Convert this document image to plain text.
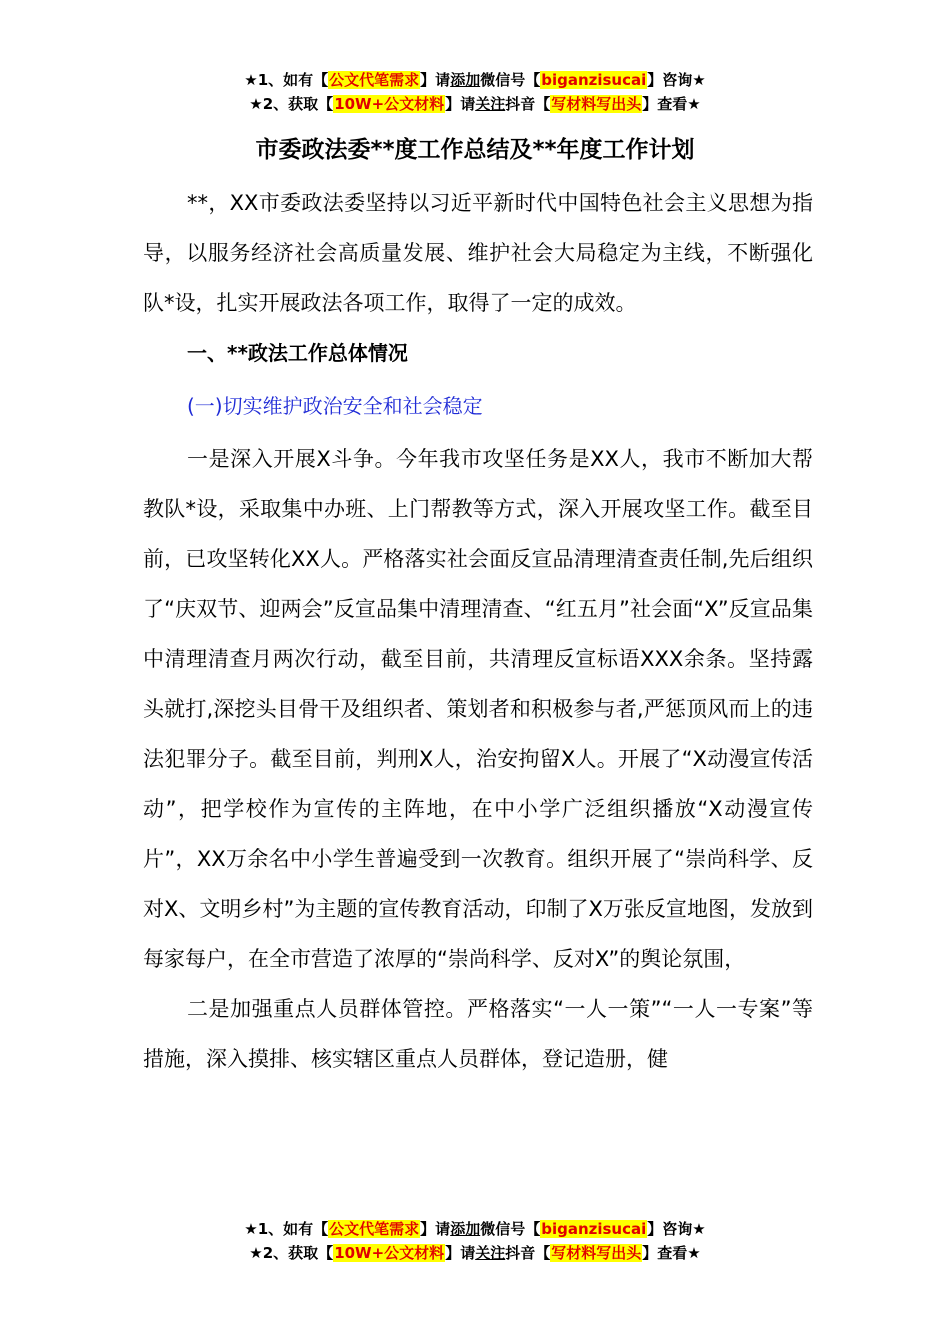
★1、如有【公文代笔需求】请添加微信号【biganzisucai】咨询★
★2、获取【10W+公文材料】请关注抖音【写材料写出头】查看★
市委政法委**度工作总结及**年度工作计划

**，XX市委政法委坚持以习近平新时代中国特色社会主义思想为指导，以服务经济社会高质量发展、维护社会大局稳定为主线，不断强化队*设，扎实开展政法各项工作，取得了一定的成效。

一、**政法工作总体情况

(一)切实维护政治安全和社会稳定

一是深入开展X斗争。今年我市攻坚任务是XX人，我市不断加大帮教队*设，采取集中办班、上门帮教等方式，深入开展攻坚工作。截至目前，已攻坚转化XX人。严格落实社会面反宣品清理清查责任制,先后组织了“庆双节、迎两会”反宣品集中清理清查、“红五月”社会面“X”反宣品集中清理清查月两次行动，截至目前，共清理反宣标语XXX余条。坚持露头就打,深挖头目骨干及组织者、策划者和积极参与者,严惩顶风而上的违法犯罪分子。截至目前，判刑X人，治安拘留X人。开展了“X动漫宣传活动”，把学校作为宣传的主阵地，在中小学广泛组织播放“X动漫宣传片”，XX万余名中小学生普遍受到一次教育。组织开展了“崇尚科学、反对X、文明乡村”为主题的宣传教育活动，印制了X万张反宣地图，发放到每家每户，在全市营造了浓厚的“崇尚科学、反对X”的舆论氛围，

二是加强重点人员群体管控。严格落实“一人一策”“一人一专案”等措施，深入摸排、核实辖区重点人员群体，登记造册，健

★1、如有【公文代笔需求】请添加微信号【biganzisucai】咨询★
★2、获取【10W+公文材料】请关注抖音【写材料写出头】查看★
